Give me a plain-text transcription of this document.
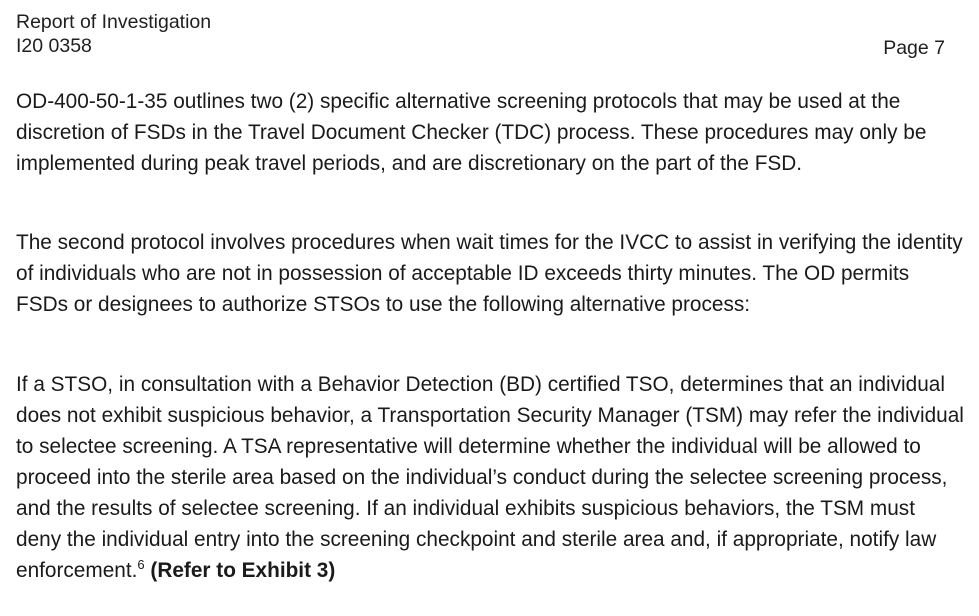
Report of Investigation
I20 0358	Page 7

OD-400-50-1-35 outlines two (2) specific alternative screening protocols that may be used at the discretion of FSDs in the Travel Document Checker (TDC) process. These procedures may only be implemented during peak travel periods, and are discretionary on the part of the FSD.

The second protocol involves procedures when wait times for the IVCC to assist in verifying the identity of individuals who are not in possession of acceptable ID exceeds thirty minutes. The OD permits FSDs or designees to authorize STSOs to use the following alternative process:

If a STSO, in consultation with a Behavior Detection (BD) certified TSO, determines that an individual does not exhibit suspicious behavior, a Transportation Security Manager (TSM) may refer the individual to selectee screening. A TSA representative will determine whether the individual will be allowed to proceed into the sterile area based on the individual’s conduct during the selectee screening process, and the results of selectee screening. If an individual exhibits suspicious behaviors, the TSM must deny the individual entry into the screening checkpoint and sterile area and, if appropriate, notify law enforcement.$^6$ (Refer to Exhibit 3)
